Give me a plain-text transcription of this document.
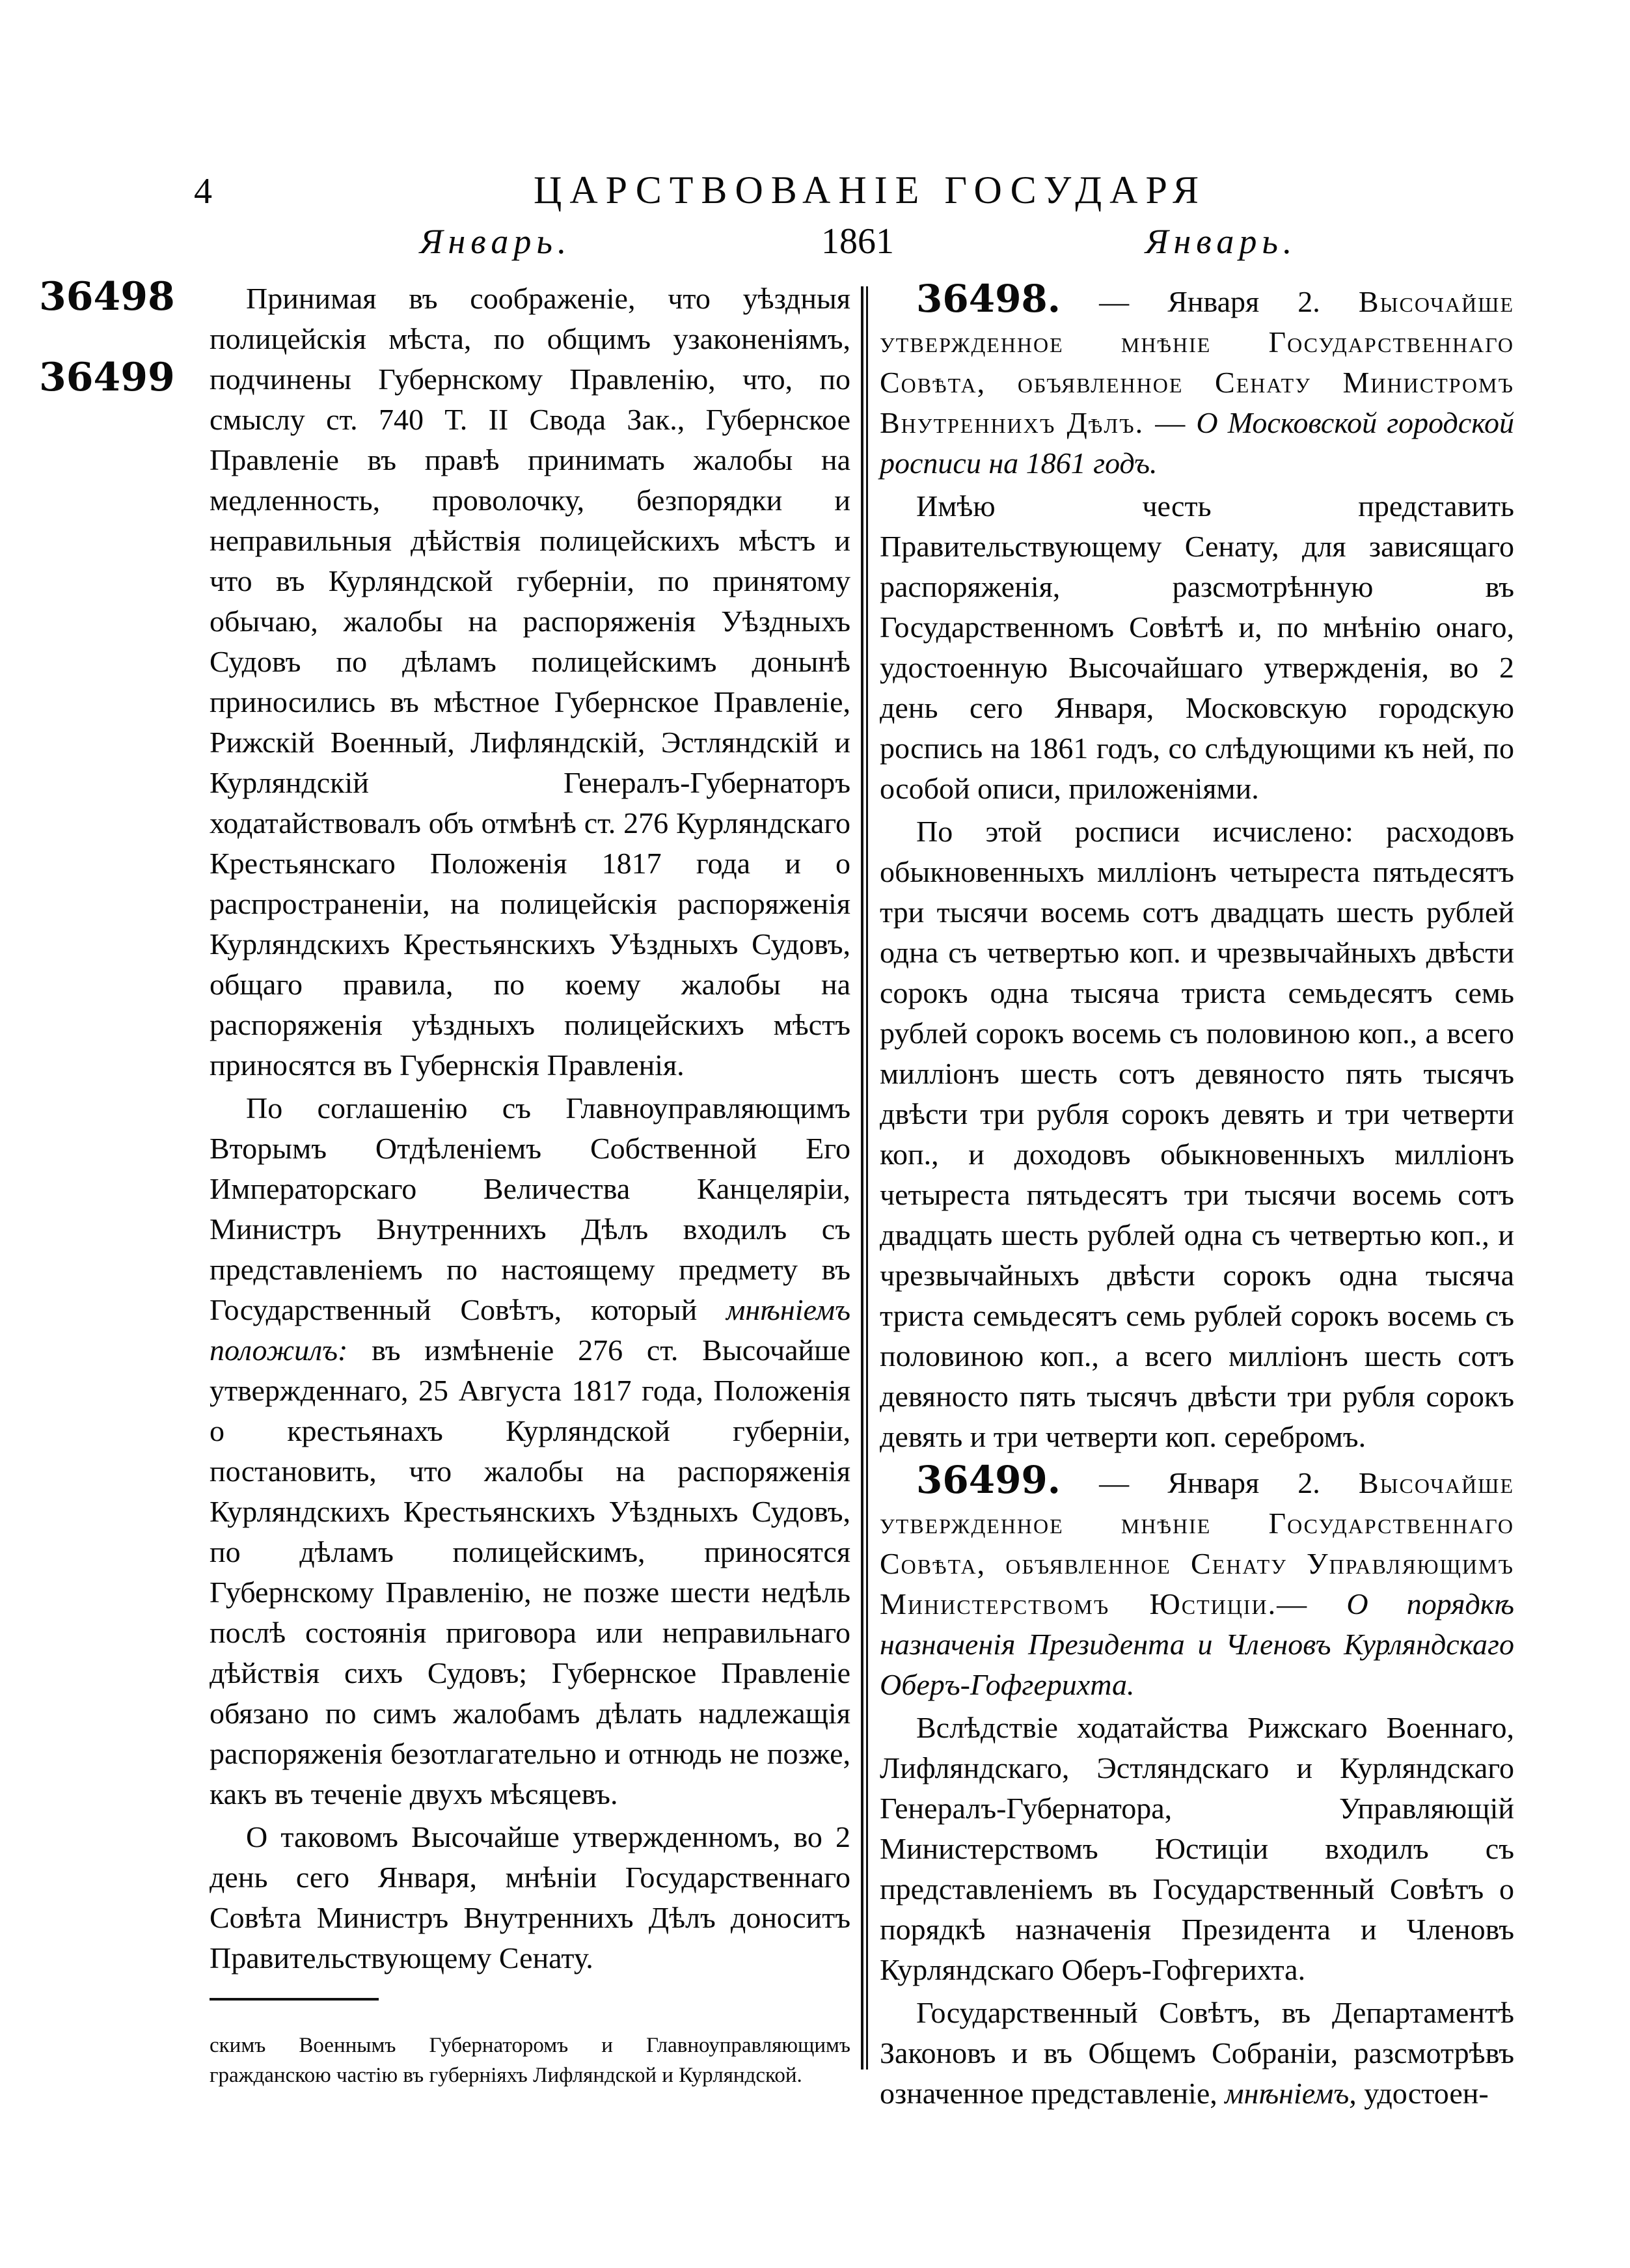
4	ЦАРСТВОВАНІЕ ГОСУДАРЯ
Январь.	1861	Январь.
36498
36499

Принимая въ соображеніе, что уѣздныя полицейскія мѣста, по общимъ узаконеніямъ, подчинены Губернскому Правленію, что, по смыслу ст. 740 Т. II Свода Зак., Губернское Правленіе въ правѣ принимать жалобы на медленность, проволочку, безпорядки и неправильныя дѣйствія полицейскихъ мѣстъ и что въ Курляндской губерніи, по принятому обычаю, жалобы на распоряженія Уѣздныхъ Судовъ по дѣламъ полицейскимъ донынѣ приносились въ мѣстное Губернское Правленіе, Рижскій Военный, Лифляндскій, Эстляндскій и Курляндскій Генералъ-Губернаторъ ходатайствовалъ объ отмѣнѣ ст. 276 Курляндскаго Крестьянскаго Положенія 1817 года и о распространеніи, на полицейскія распоряженія Курляндскихъ Крестьянскихъ Уѣздныхъ Судовъ, общаго правила, по коему жалобы на распоряженія уѣздныхъ полицейскихъ мѣстъ приносятся въ Губернскія Правленія.

По соглашенію съ Главноуправляющимъ Вторымъ Отдѣленіемъ Собственной Его Императорскаго Величества Канцеляріи, Министръ Внутреннихъ Дѣлъ входилъ съ представленіемъ по настоящему предмету въ Государственный Совѣтъ, который мнѣніемъ положилъ: въ измѣненіе 276 ст. Высочайше утвержденнаго, 25 Августа 1817 года, Положенія о крестьянахъ Курляндской губерніи, постановить, что жалобы на распоряженія Курляндскихъ Крестьянскихъ Уѣздныхъ Судовъ, по дѣламъ полицейскимъ, приносятся Губернскому Правленію, не позже шести недѣль послѣ состоянія приговора или неправильнаго дѣйствія сихъ Судовъ; Губернское Правленіе обязано по симъ жалобамъ дѣлать надлежащія распоряженія безотлагательно и отнюдь не позже, какъ въ теченіе двухъ мѣсяцевъ.

О таковомъ Высочайше утвержденномъ, во 2 день сего Января, мнѣніи Государственнаго Совѣта Министръ Внутреннихъ Дѣлъ доноситъ Правительствующему Сенату.

скимъ Военнымъ Губернаторомъ и Главноуправляющимъ гражданскою частію въ губерніяхъ Лифляндской и Курляндской.

36498. — Января 2. Высочайше утвержденное мнѣніе Государственнаго Совѣта, объявленное Сенату Министромъ Внутреннихъ Дѣлъ. — О Московской городской росписи на 1861 годъ.

Имѣю честь представить Правительствующему Сенату, для зависящаго распоряженія, разсмотрѣнную въ Государственномъ Совѣтѣ и, по мнѣнію онаго, удостоенную Высочайшаго утвержденія, во 2 день сего Января, Московскую городскую роспись на 1861 годъ, со слѣдующими къ ней, по особой описи, приложеніями.

По этой росписи исчислено: расходовъ обыкновенныхъ милліонъ четыреста пятьдесятъ три тысячи восемь сотъ двадцать шесть рублей одна съ четвертью коп. и чрезвычайныхъ двѣсти сорокъ одна тысяча триста семьдесятъ семь рублей сорокъ восемь съ половиною коп., а всего милліонъ шесть сотъ девяносто пять тысячъ двѣсти три рубля сорокъ девять и три четверти коп., и доходовъ обыкновенныхъ милліонъ четыреста пятьдесятъ три тысячи восемь сотъ двадцать шесть рублей одна съ четвертью коп., и чрезвычайныхъ двѣсти сорокъ одна тысяча триста семьдесятъ семь рублей сорокъ восемь съ половиною коп., а всего милліонъ шесть сотъ девяносто пять тысячъ двѣсти три рубля сорокъ девять и три четверти коп. серебромъ.

36499. — Января 2. Высочайше утвержденное мнѣніе Государственнаго Совѣта, объявленное Сенату Управляющимъ Министерствомъ Юстиціи.— О порядкѣ назначенія Президента и Членовъ Курляндскаго Оберъ-Гофгерихта.

Вслѣдствіе ходатайства Рижскаго Военнаго, Лифляндскаго, Эстляндскаго и Курляндскаго Генералъ-Губернатора, Управляющій Министерствомъ Юстиціи входилъ съ представленіемъ въ Государственный Совѣтъ о порядкѣ назначенія Президента и Членовъ Курляндскаго Оберъ-Гофгерихта.

Государственный Совѣтъ, въ Департаментѣ Законовъ и въ Общемъ Собраніи, разсмотрѣвъ означенное представленіе, мнѣніемъ, удостоен-
